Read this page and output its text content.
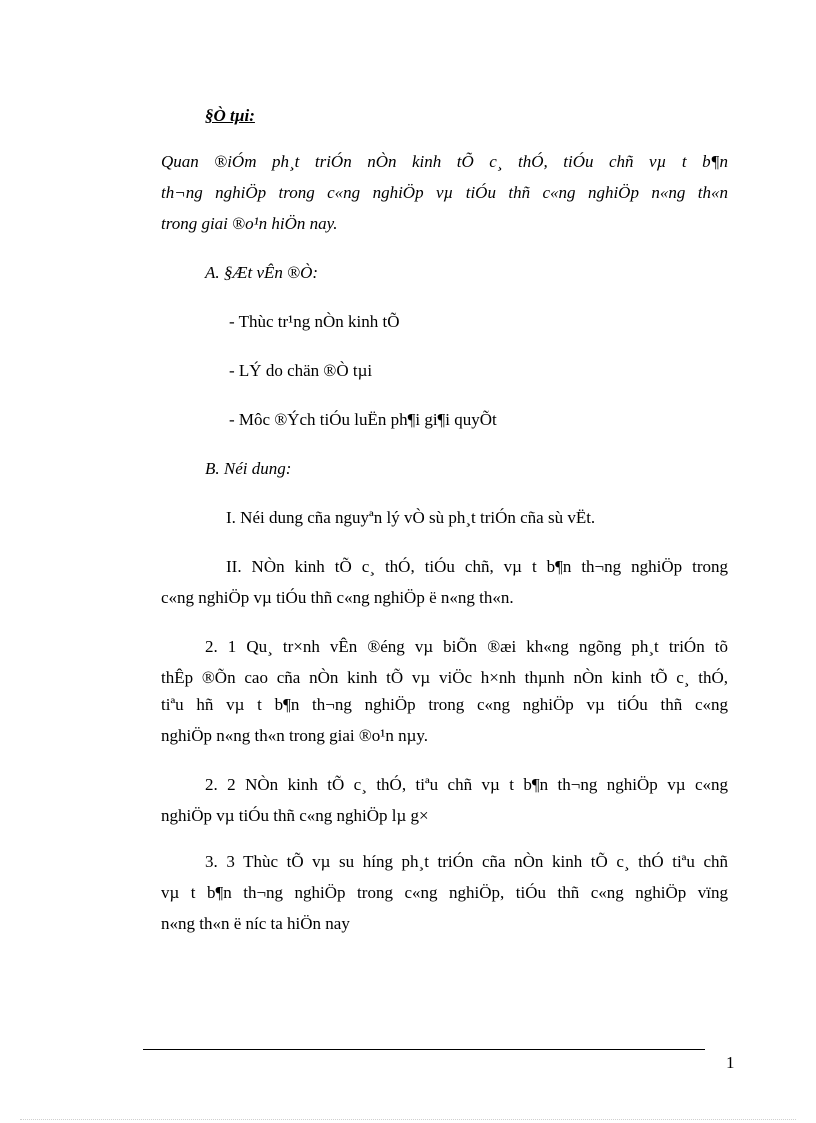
§Ò tµi:
Quan ®iÓm ph¸t triÓn nÒn kinh tÕ c¸ thÓ, tiÓu chñ vµ t b¶n
th¬ng nghiÖp trong c«ng nghiÖp vµ tiÓu thñ c«ng nghiÖp n«ng th«n
trong giai ®o¹n hiÖn nay.
A. §Æt vÊn ®Ò:
- Thùc tr¹ng nÒn kinh tÕ
- LÝ do chän ®Ò tµi
- Môc ®Ých tiÓu luËn ph¶i gi¶i quyÕt
B. Néi dung:
I. Néi dung cña nguyªn lý vÒ sù ph¸t triÓn cña sù vËt.
II. NÒn kinh tÕ c¸ thÓ, tiÓu chñ, vµ t b¶n th¬ng nghiÖp trong
c«ng nghiÖp vµ tiÓu thñ c«ng nghiÖp ë n«ng th«n.
2. 1 Qu¸ tr×nh vÊn ®éng vµ biÕn ®æi kh«ng ngõng ph¸t triÓn tõ
thÊp ®Õn cao cña nÒn kinh tÕ vµ viÖc h×nh thµnh nÒn kinh tÕ c¸ thÓ,
tiªu hñ vµ t b¶n th¬ng nghiÖp trong c«ng nghiÖp vµ tiÓu thñ c«ng
nghiÖp n«ng th«n trong giai ®o¹n nµy.
2. 2 NÒn kinh tÕ c¸ thÓ, tiªu chñ vµ t b¶n th¬ng nghiÖp vµ c«ng
nghiÖp vµ tiÓu thñ c«ng nghiÖp lµ g×
3. 3 Thùc tÕ vµ su híng ph¸t triÓn cña nÒn kinh tÕ c¸ thÓ tiªu chñ
vµ t b¶n th¬ng nghiÖp trong c«ng nghiÖp, tiÓu thñ c«ng nghiÖp vïng
n«ng th«n ë níc ta hiÖn nay
1
